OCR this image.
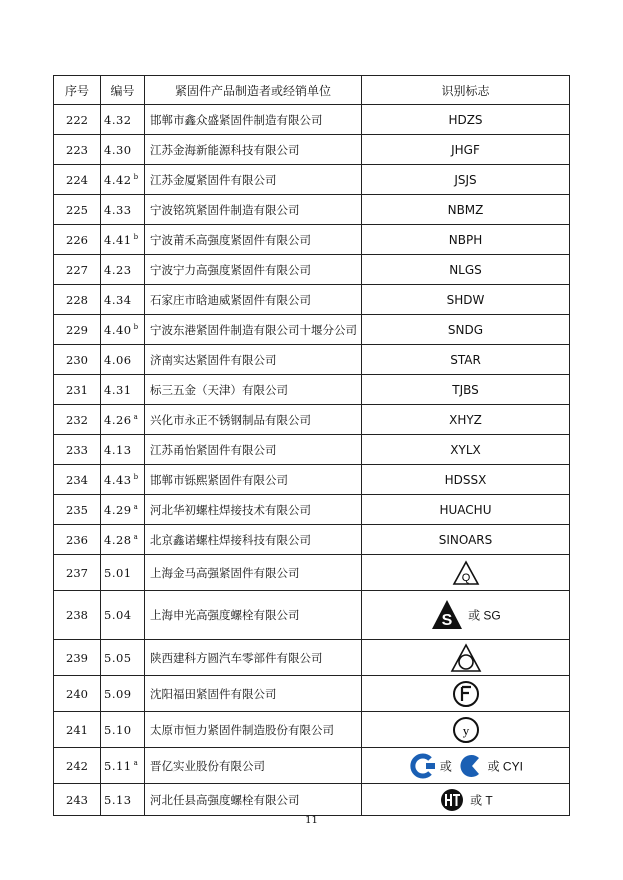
序号	编号	紧固件产品制造者或经销单位	识别标志
222	4.32	邯郸市鑫众盛紧固件制造有限公司	HDZS
223	4.30	江苏金海新能源科技有限公司	JHGF
224	4.42 $^b$	江苏金厦紧固件有限公司	JSJS
225	4.33	宁波铭筑紧固件制造有限公司	NBMZ
226	4.41 $^b$	宁波莆禾高强度紧固件有限公司	NBPH
227	4.23	宁波宁力高强度紧固件有限公司	NLGS
228	4.34	石家庄市晗迪威紧固件有限公司	SHDW
229	4.40 $^b$	宁波东港紧固件制造有限公司十堰分公司	SNDG
230	4.06	济南实达紧固件有限公司	STAR
231	4.31	标三五金（天津）有限公司	TJBS
232	4.26 $^a$	兴化市永正不锈钢制品有限公司	XHYZ
233	4.13	江苏甬怡紧固件有限公司	XYLX
234	4.43 $^b$	邯郸市铄熙紧固件有限公司	HDSSX
235	4.29 $^a$	河北华初螺柱焊接技术有限公司	HUACHU
236	4.28 $^a$	北京鑫诺螺柱焊接科技有限公司	SINOARS
237	5.01	上海金马高强紧固件有限公司	Q

238	5.04	上海申光高强度螺栓有限公司	S 或 SG
239	5.05	陕西建科方圆汽车零部件有限公司	
240	5.09	沈阳福田紧固件有限公司	
241	5.10	太原市恒力紧固件制造股份有限公司	y

242	5.11 $^a$	晋亿实业股份有限公司	或 或 CYI
243	5.13	河北任县高强度螺栓有限公司	或 T
11
